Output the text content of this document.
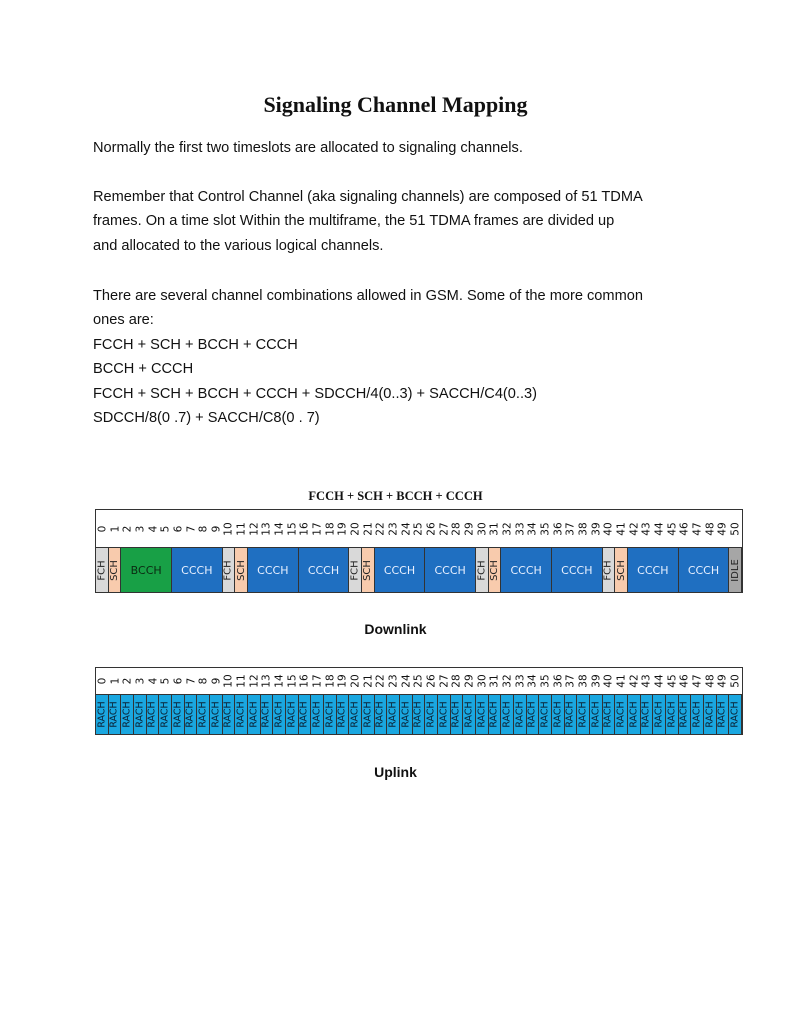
Signaling Channel Mapping
Normally the first two timeslots are allocated to signaling channels.
Remember that Control Channel (aka signaling channels) are composed of 51 TDMA
frames. On a time slot Within the multiframe, the 51 TDMA frames are divided up
and allocated to the various logical channels.
There are several channel combinations allowed in GSM. Some of the more common
ones are:
FCCH + SCH + BCCH + CCCH
BCCH + CCCH
FCCH + SCH + BCCH + CCCH + SDCCH/4(0..3) + SACCH/C4(0..3)
SDCCH/8(0 .7) + SACCH/C8(0 . 7)
FCCH + SCH + BCCH + CCCH
0 1 2 3 4 5 6 7 8 9 10 11 12 13 14 15 16 17 18 19 20 21 22 23 24 25 26 27 28 29 30 31 32 33 34 35 36 37 38 39 40 41 42 43 44 45 46 47 48 49 50
FCH SCH BCCH CCCH FCH SCH CCCH CCCH FCH SCH CCCH CCCH FCH SCH CCCH CCCH FCH SCH CCCH CCCH IDLE
Downlink
0 1 2 3 4 5 6 7 8 9 10 11 12 13 14 15 16 17 18 19 20 21 22 23 24 25 26 27 28 29 30 31 32 33 34 35 36 37 38 39 40 41 42 43 44 45 46 47 48 49 50
RACH RACH RACH RACH RACH RACH RACH RACH RACH RACH RACH RACH RACH RACH RACH RACH RACH RACH RACH RACH RACH RACH RACH RACH RACH RACH RACH RACH RACH RACH RACH RACH RACH RACH RACH RACH RACH RACH RACH RACH RACH RACH RACH RACH RACH RACH RACH RACH RACH RACH RACH
Uplink
